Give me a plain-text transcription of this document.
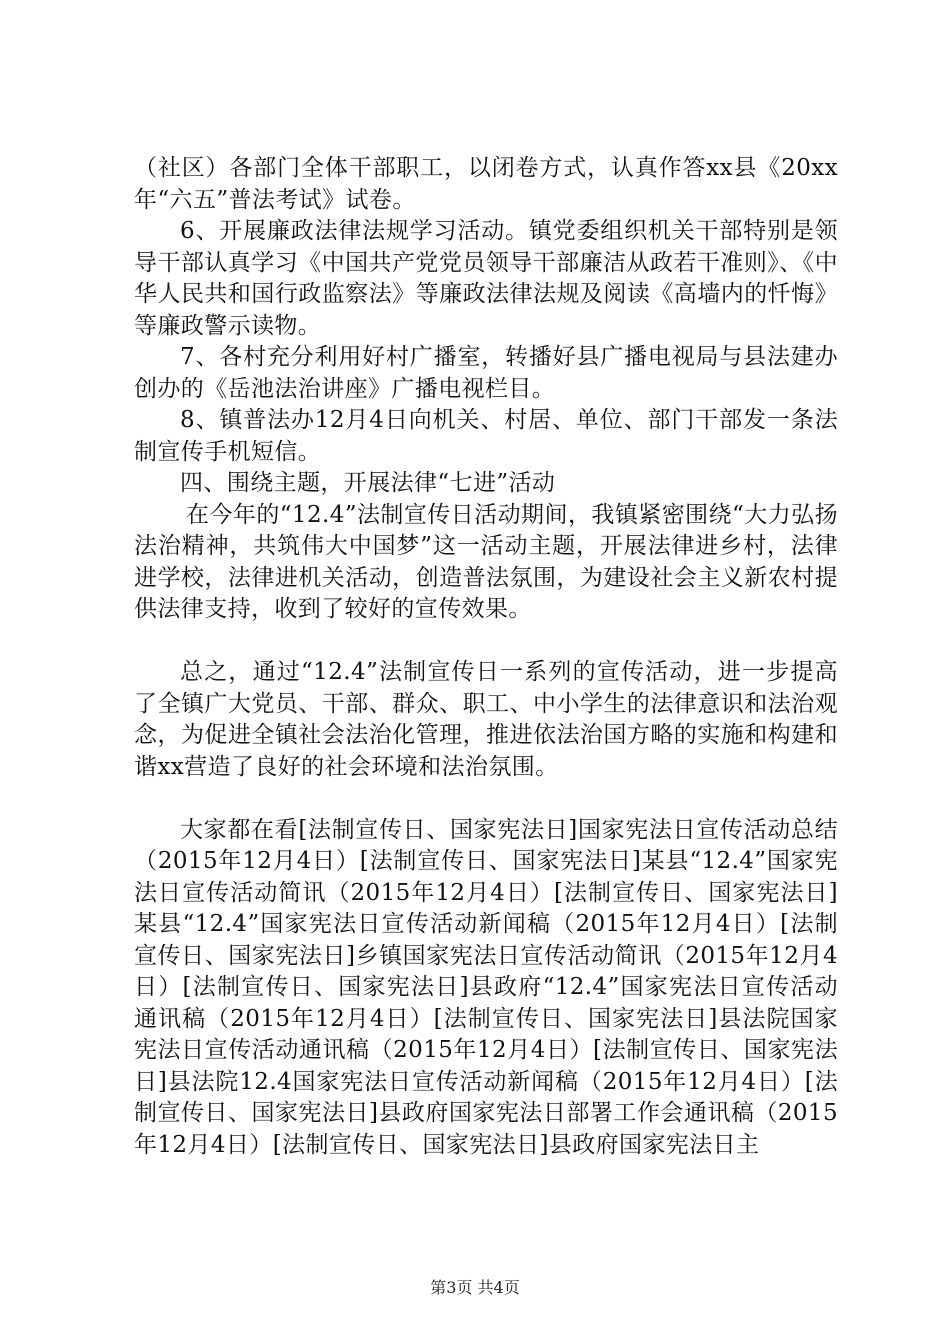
（社区）各部门全体干部职工，以闭卷方式，认真作答xx县《20xx年“六五”普法考试》试卷。

6、开展廉政法律法规学习活动。镇党委组织机关干部特别是领导干部认真学习《中国共产党党员领导干部廉洁从政若干准则》、《中华人民共和国行政监察法》等廉政法律法规及阅读《高墙内的忏悔》等廉政警示读物。

7、各村充分利用好村广播室，转播好县广播电视局与县法建办创办的《岳池法治讲座》广播电视栏目。

8、镇普法办12月4日向机关、村居、单位、部门干部发一条法制宣传手机短信。

四、围绕主题，开展法律“七进”活动

在今年的“12.4”法制宣传日活动期间，我镇紧密围绕“大力弘扬法治精神，共筑伟大中国梦”这一活动主题，开展法律进乡村，法律进学校，法律进机关活动，创造普法氛围，为建设社会主义新农村提供法律支持，收到了较好的宣传效果。

总之，通过“12.4”法制宣传日一系列的宣传活动，进一步提高了全镇广大党员、干部、群众、职工、中小学生的法律意识和法治观念，为促进全镇社会法治化管理，推进依法治国方略的实施和构建和谐xx营造了良好的社会环境和法治氛围。

大家都在看[法制宣传日、国家宪法日]国家宪法日宣传活动总结（2015年12月4日）[法制宣传日、国家宪法日]某县“12.4”国家宪法日宣传活动简讯（2015年12月4日）[法制宣传日、国家宪法日]某县“12.4”国家宪法日宣传活动新闻稿（2015年12月4日）[法制宣传日、国家宪法日]乡镇国家宪法日宣传活动简讯（2015年12月4日）[法制宣传日、国家宪法日]县政府“12.4”国家宪法日宣传活动通讯稿（2015年12月4日）[法制宣传日、国家宪法日]县法院国家宪法日宣传活动通讯稿（2015年12月4日）[法制宣传日、国家宪法日]县法院12.4国家宪法日宣传活动新闻稿（2015年12月4日）[法制宣传日、国家宪法日]县政府国家宪法日部署工作会通讯稿（2015年12月4日）[法制宣传日、国家宪法日]县政府国家宪法日主

第3页 共4页
